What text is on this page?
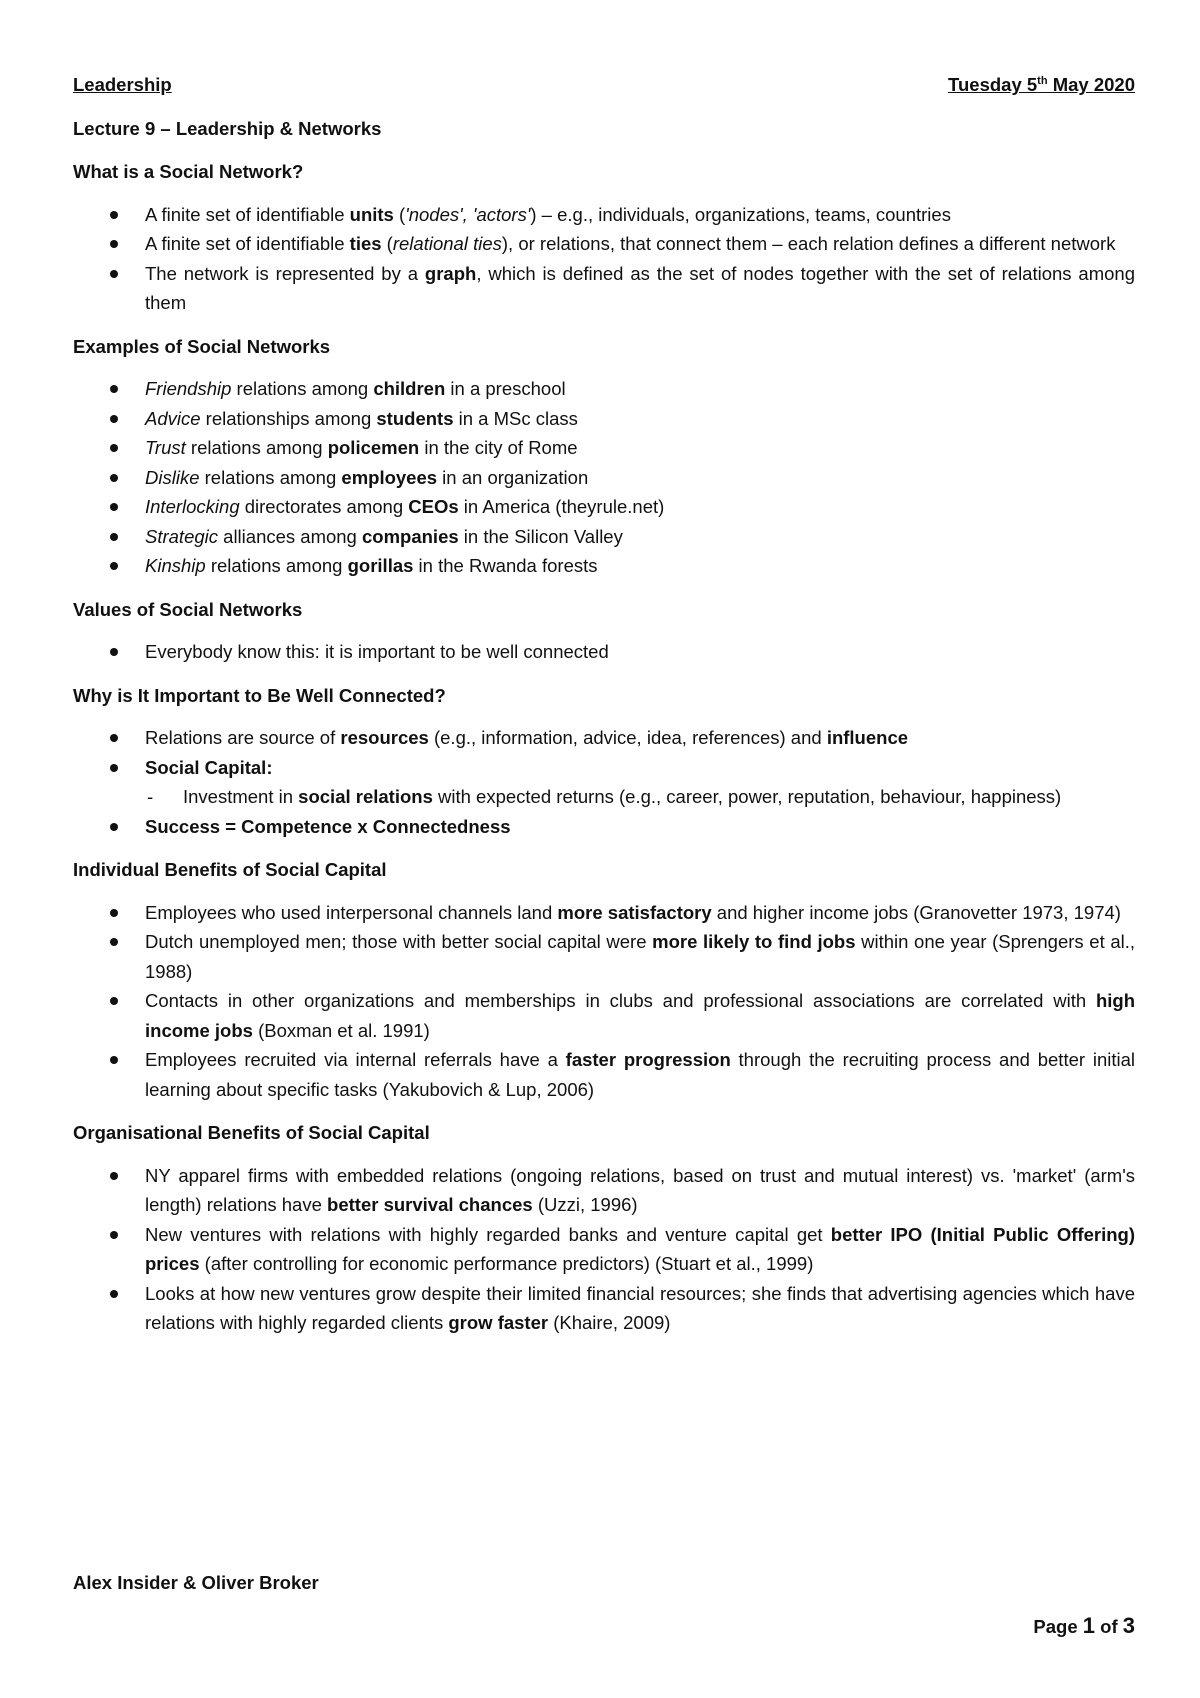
Leadership	Tuesday 5th May 2020
Lecture 9 – Leadership & Networks
What is a Social Network?
A finite set of identifiable units ('nodes', 'actors') – e.g., individuals, organizations, teams, countries
A finite set of identifiable ties (relational ties), or relations, that connect them – each relation defines a different network
The network is represented by a graph, which is defined as the set of nodes together with the set of relations among them
Examples of Social Networks
Friendship relations among children in a preschool
Advice relationships among students in a MSc class
Trust relations among policemen in the city of Rome
Dislike relations among employees in an organization
Interlocking directorates among CEOs in America (theyrule.net)
Strategic alliances among companies in the Silicon Valley
Kinship relations among gorillas in the Rwanda forests
Values of Social Networks
Everybody know this: it is important to be well connected
Why is It Important to Be Well Connected?
Relations are source of resources (e.g., information, advice, idea, references) and influence
Social Capital:
- Investment in social relations with expected returns (e.g., career, power, reputation, behaviour, happiness)
Success = Competence x Connectedness
Individual Benefits of Social Capital
Employees who used interpersonal channels land more satisfactory and higher income jobs (Granovetter 1973, 1974)
Dutch unemployed men; those with better social capital were more likely to find jobs within one year (Sprengers et al., 1988)
Contacts in other organizations and memberships in clubs and professional associations are correlated with high income jobs (Boxman et al. 1991)
Employees recruited via internal referrals have a faster progression through the recruiting process and better initial learning about specific tasks (Yakubovich & Lup, 2006)
Organisational Benefits of Social Capital
NY apparel firms with embedded relations (ongoing relations, based on trust and mutual interest) vs. 'market' (arm's length) relations have better survival chances (Uzzi, 1996)
New ventures with relations with highly regarded banks and venture capital get better IPO (Initial Public Offering) prices (after controlling for economic performance predictors) (Stuart et al., 1999)
Looks at how new ventures grow despite their limited financial resources; she finds that advertising agencies which have relations with highly regarded clients grow faster (Khaire, 2009)
Alex Insider & Oliver Broker
Page 1 of 3
